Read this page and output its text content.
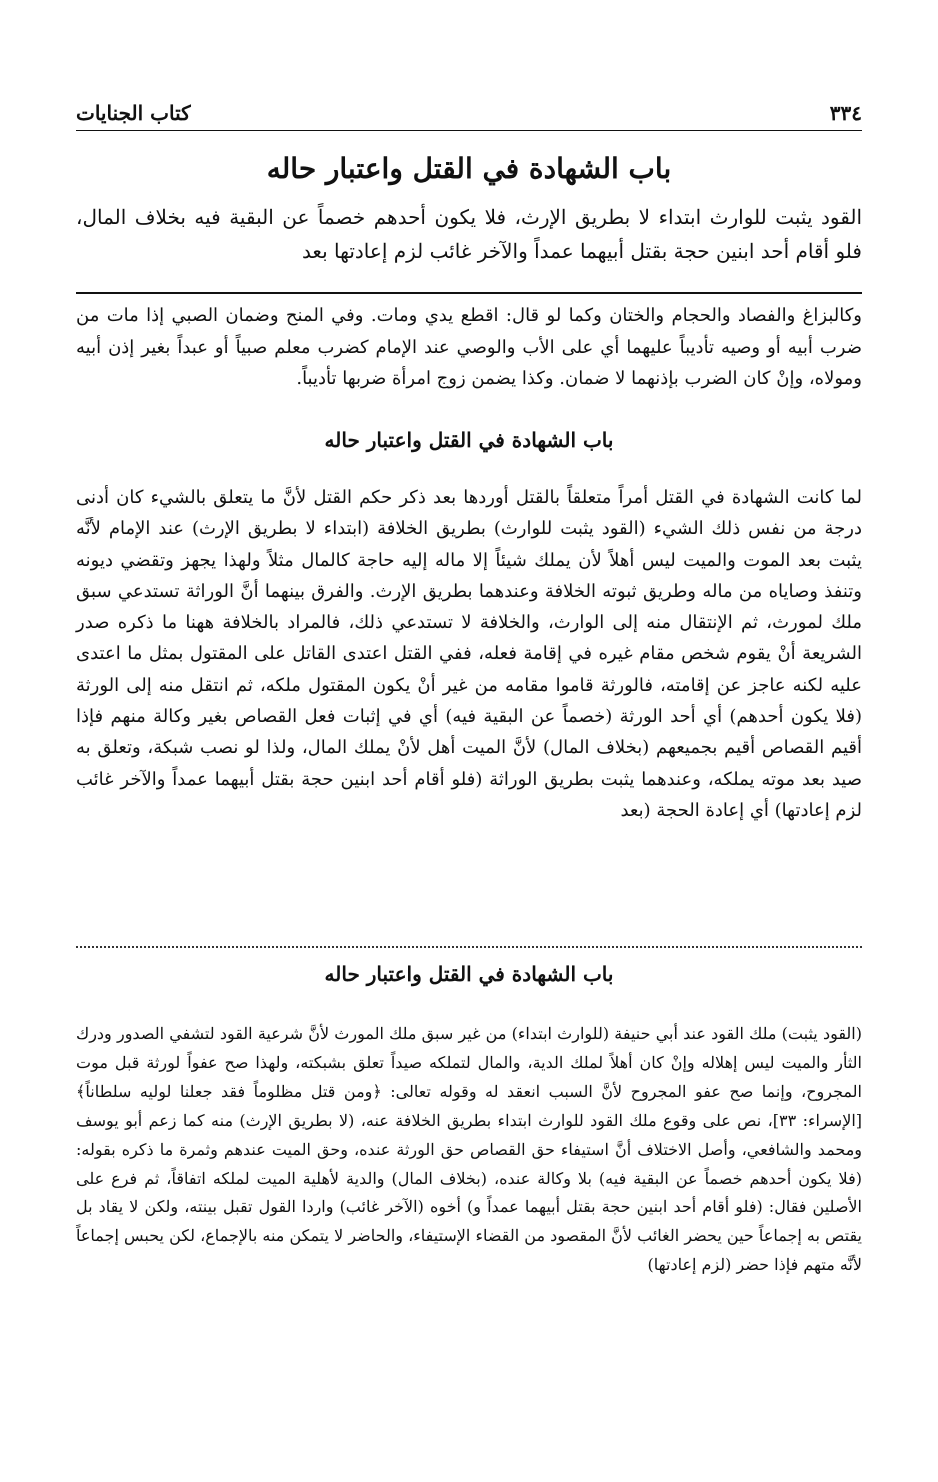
٣٣٤
كتاب الجنايات
باب الشهادة في القتل واعتبار حاله

القود يثبت للوارث ابتداء لا بطريق الإرث، فلا يكون أحدهم خصماً عن البقية فيه بخلاف المال، فلو أقام أحد ابنين حجة بقتل أبيهما عمداً والآخر غائب لزم إعادتها بعد

وكالبزاغ والفصاد والحجام والختان وكما لو قال: اقطع يدي ومات. وفي المنح وضمان الصبي إذا مات من ضرب أبيه أو وصيه تأديباً عليهما أي على الأب والوصي عند الإمام كضرب معلم صبياً أو عبداً بغير إذن أبيه ومولاه، وإنْ كان الضرب بإذنهما لا ضمان. وكذا يضمن زوج امرأة ضربها تأديباً.

باب الشهادة في القتل واعتبار حاله

لما كانت الشهادة في القتل أمراً متعلقاً بالقتل أوردها بعد ذكر حكم القتل لأنَّ ما يتعلق بالشيء كان أدنى درجة من نفس ذلك الشيء (القود يثبت للوارث) بطريق الخلافة (ابتداء لا بطريق الإرث) عند الإمام لأنَّه يثبت بعد الموت والميت ليس أهلاً لأن يملك شيئاً إلا ماله إليه حاجة كالمال مثلاً ولهذا يجهز وتقضي ديونه وتنفذ وصاياه من ماله وطريق ثبوته الخلافة وعندهما بطريق الإرث. والفرق بينهما أنَّ الوراثة تستدعي سبق ملك لمورث، ثم الإنتقال منه إلى الوارث، والخلافة لا تستدعي ذلك، فالمراد بالخلافة ههنا ما ذكره صدر الشريعة أنْ يقوم شخص مقام غيره في إقامة فعله، ففي القتل اعتدى القاتل على المقتول بمثل ما اعتدى عليه لكنه عاجز عن إقامته، فالورثة قاموا مقامه من غير أنْ يكون المقتول ملكه، ثم انتقل منه إلى الورثة (فلا يكون أحدهم) أي أحد الورثة (خصماً عن البقية فيه) أي في إثبات فعل القصاص بغير وكالة منهم فإذا أقيم القصاص أقيم بجميعهم (بخلاف المال) لأنَّ الميت أهل لأنْ يملك المال، ولذا لو نصب شبكة، وتعلق به صيد بعد موته يملكه، وعندهما يثبت بطريق الوراثة (فلو أقام أحد ابنين حجة بقتل أبيهما عمداً والآخر غائب لزم إعادتها) أي إعادة الحجة (بعد

باب الشهادة في القتل واعتبار حاله

(القود يثبت) ملك القود عند أبي حنيفة (للوارث ابتداء) من غير سبق ملك المورث لأنَّ شرعية القود لتشفي الصدور ودرك الثأر والميت ليس إهلاله وإنْ كان أهلاً لملك الدية، والمال لتملكه صيداً تعلق بشبكته، ولهذا صح عفواً لورثة قبل موت المجروح، وإنما صح عفو المجروح لأنَّ السبب انعقد له وقوله تعالى: ﴿ومن قتل مظلوماً فقد جعلنا لوليه سلطاناً﴾ [الإسراء: ٣٣]، نص على وقوع ملك القود للوارث ابتداء بطريق الخلافة عنه، (لا بطريق الإرث) منه كما زعم أبو يوسف ومحمد والشافعي، وأصل الاختلاف أنَّ استيفاء حق القصاص حق الورثة عنده، وحق الميت عندهم وثمرة ما ذكره بقوله: (فلا يكون أحدهم خصماً عن البقية فيه) بلا وكالة عنده، (بخلاف المال) والدية لأهلية الميت لملكه اتفاقاً، ثم فرع على الأصلين فقال: (فلو أقام أحد ابنين حجة بقتل أبيهما عمداً و) أخوه (الآخر غائب) واردا القول تقبل بينته، ولكن لا يقاد بل يقتص به إجماعاً حين يحضر الغائب لأنَّ المقصود من القضاء الإستيفاء، والحاضر لا يتمكن منه بالإجماع، لكن يحبس إجماعاً لأنَّه متهم فإذا حضر (لزم إعادتها)
